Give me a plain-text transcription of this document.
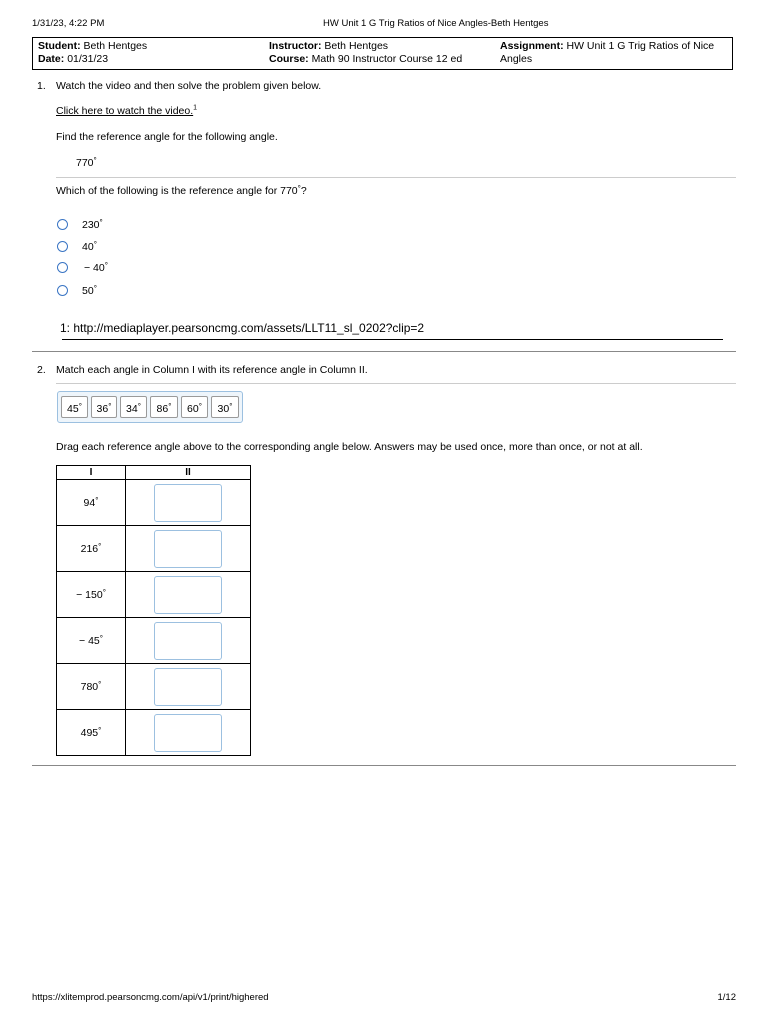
1/31/23, 4:22 PM	HW Unit 1 G Trig Ratios of Nice Angles-Beth Hentges
Student: Beth Hentges
Date: 01/31/23
Instructor: Beth Hentges
Course: Math 90 Instructor Course 12 ed
Assignment: HW Unit 1 G Trig Ratios of Nice Angles
1. Watch the video and then solve the problem given below.
Click here to watch the video.$^1$
Find the reference angle for the following angle.
770°
Which of the following is the reference angle for 770°?
230°
40°
− 40°
50°
1: http://mediaplayer.pearsoncmg.com/assets/LLT11_sl_0202?clip=2
2. Match each angle in Column I with its reference angle in Column II.
45°	36°	34°	86°	60°	30°
Drag each reference angle above to the corresponding angle below. Answers may be used once, more than once, or not at all.
I	II
94°	
216°	
− 150°	
− 45°	
780°	
495°	
https://xlitemprod.pearsoncmg.com/api/v1/print/highered	1/12
